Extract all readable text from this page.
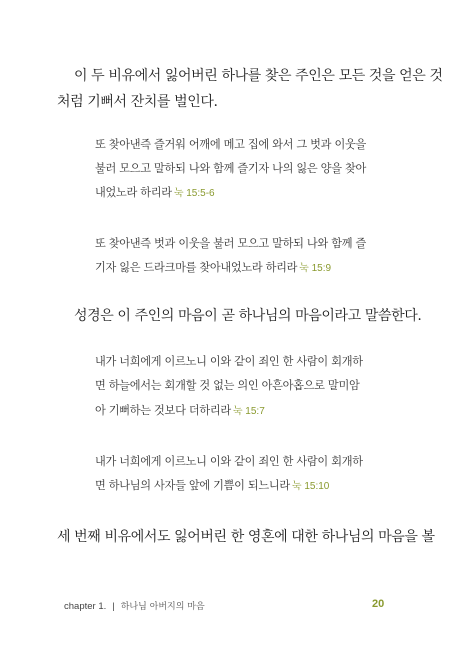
이 두 비유에서 잃어버린 하나를 찾은 주인은 모든 것을 얻은 것

처럼 기뻐서 잔치를 벌인다.

또 찾아낸즉 즐거워 어깨에 메고 집에 와서 그 벗과 이웃을

불러 모으고 말하되 나와 함께 즐기자 나의 잃은 양을 찾아

내었노라 하리라 눅 15:5-6

또 찾아낸즉 벗과 이웃을 불러 모으고 말하되 나와 함께 즐

기자 잃은 드라크마를 찾아내었노라 하리라 눅 15:9

성경은 이 주인의 마음이 곧 하나님의 마음이라고 말씀한다.

내가 너희에게 이르노니 이와 같이 죄인 한 사람이 회개하

면 하늘에서는 회개할 것 없는 의인 아흔아홉으로 말미암

아 기뻐하는 것보다 더하리라 눅 15:7

내가 너희에게 이르노니 이와 같이 죄인 한 사람이 회개하

면 하나님의 사자들 앞에 기쁨이 되느니라 눅 15:10

세 번째 비유에서도 잃어버린 한 영혼에 대한 하나님의 마음을 볼

chapter 1. | 하나님 아버지의 마음	20
